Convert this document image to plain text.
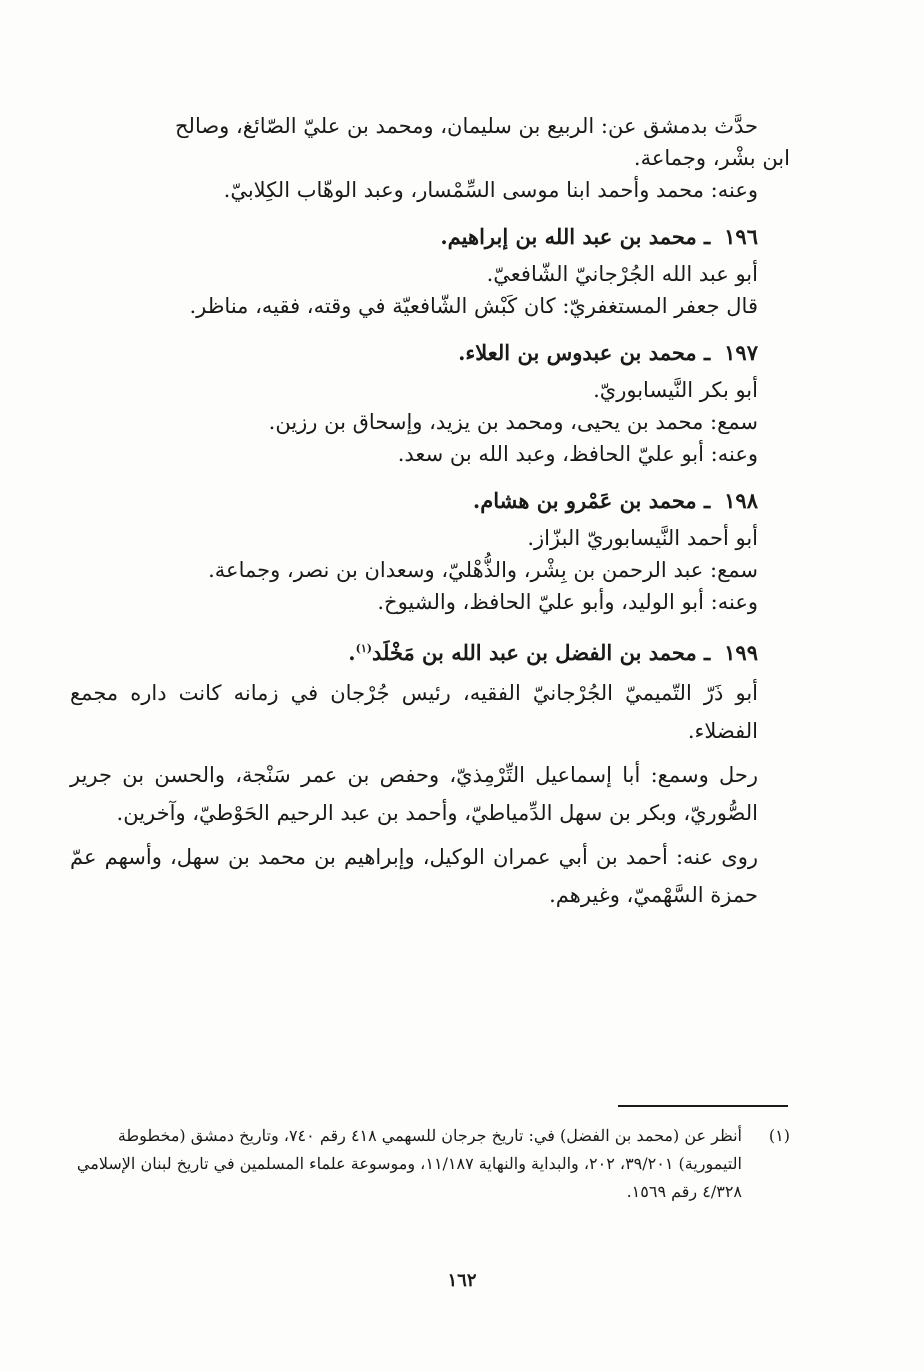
حدَّث بدمشق عن: الربيع بن سليمان، ومحمد بن عليّ الصّائغ، وصالح

ابن بشْر، وجماعة.

وعنه: محمد وأحمد ابنا موسى السِّمْسار، وعبد الوهّاب الكِلابيّ.

١٩٦ـ محمد بن عبد الله بن إبراهيم.

أبو عبد الله الجُرْجانيّ الشّافعيّ.

قال جعفر المستغفريّ: كان كَبْش الشّافعيّة في وقته، فقيه، مناظر.

١٩٧ـ محمد بن عبدوس بن العلاء.

أبو بكر النَّيسابوريّ.

سمع: محمد بن يحيى، ومحمد بن يزيد، وإسحاق بن رزين.

وعنه: أبو عليّ الحافظ، وعبد الله بن سعد.

١٩٨ـ محمد بن عَمْرو بن هشام.

أبو أحمد النَّيسابوريّ البزّاز.

سمع: عبد الرحمن بن بِشْر، والذُّهْليّ، وسعدان بن نصر، وجماعة.

وعنه: أبو الوليد، وأبو عليّ الحافظ، والشيوخ.

١٩٩ـ محمد بن الفضل بن عبد الله بن مَخْلَد$^{(١)}$.

أبو ذَرّ التّميميّ الجُرْجانيّ الفقيه، رئيس جُرْجان في زمانه كانت داره مجمع الفضلاء.

رحل وسمع: أبا إسماعيل التِّرْمِذيّ، وحفص بن عمر سَنْجة، والحسن بن جرير الصُّوريّ، وبكر بن سهل الدِّمياطيّ، وأحمد بن عبد الرحيم الحَوْطيّ، وآخرين.

روى عنه: أحمد بن أبي عمران الوكيل، وإبراهيم بن محمد بن سهل، وأسهم عمّ حمزة السَّهْميّ، وغيرهم.

(١)
أنظر عن (محمد بن الفضل) في: تاريخ جرجان للسهمي ٤١٨ رقم ٧٤٠، وتاريخ دمشق (مخطوطة التيمورية) ٣٩/٢٠١، ٢٠٢، والبداية والنهاية ١١/١٨٧، وموسوعة علماء المسلمين في تاريخ لبنان الإسلامي ٤/٣٢٨ رقم ١٥٦٩.
١٦٢
